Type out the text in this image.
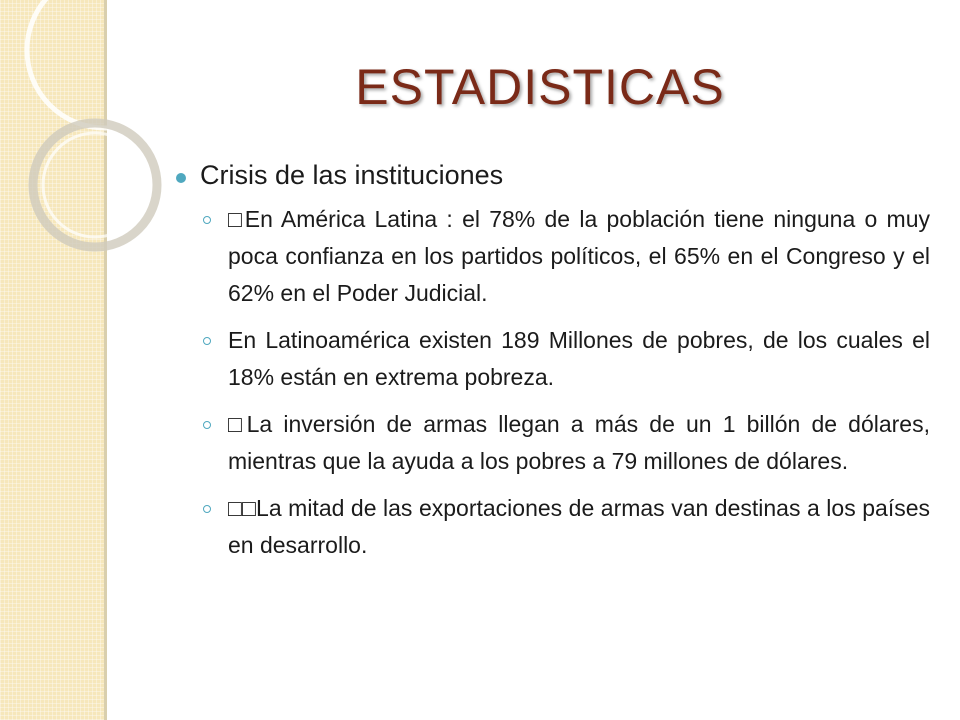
ESTADISTICAS
Crisis de las instituciones
□En América Latina : el 78% de la población tiene ninguna o muy poca confianza en los partidos políticos, el 65% en el Congreso y el 62% en el Poder Judicial.
En Latinoamérica existen 189 Millones de pobres, de los cuales el 18% están en extrema pobreza.
□La inversión de armas llegan a más de un 1 billón de dólares, mientras que la ayuda a los pobres a 79 millones de dólares.
□□La mitad de las exportaciones de armas van destinas a los países en desarrollo.
